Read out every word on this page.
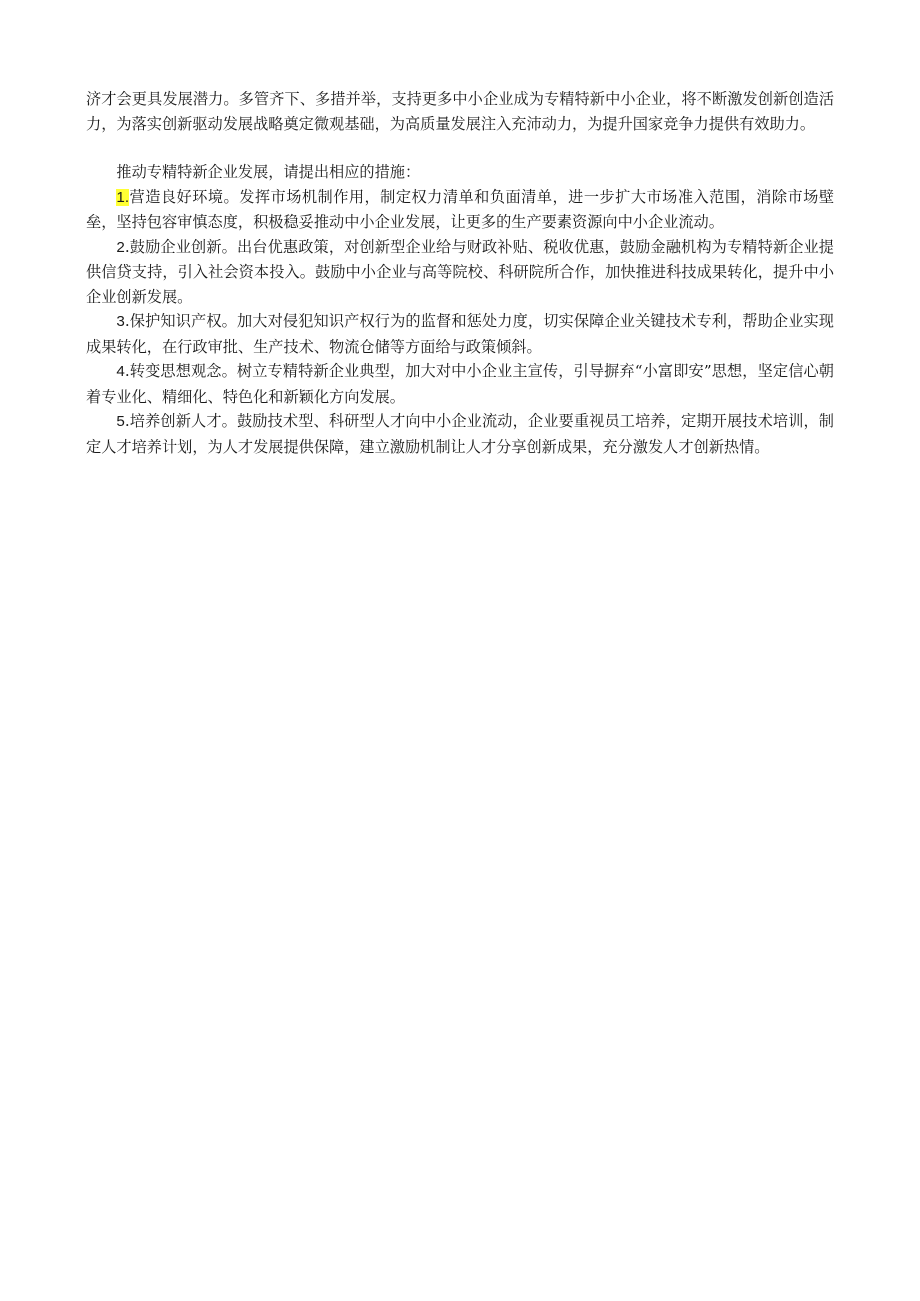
济才会更具发展潜力。多管齐下、多措并举，支持更多中小企业成为专精特新中小企业，将不断激发创新创造活力，为落实创新驱动发展战略奠定微观基础，为高质量发展注入充沛动力，为提升国家竞争力提供有效助力。

推动专精特新企业发展，请提出相应的措施：

1.营造良好环境。发挥市场机制作用，制定权力清单和负面清单，进一步扩大市场准入范围，消除市场壁垒，坚持包容审慎态度，积极稳妥推动中小企业发展，让更多的生产要素资源向中小企业流动。

2.鼓励企业创新。出台优惠政策，对创新型企业给与财政补贴、税收优惠，鼓励金融机构为专精特新企业提供信贷支持，引入社会资本投入。鼓励中小企业与高等院校、科研院所合作，加快推进科技成果转化，提升中小企业创新发展。

3.保护知识产权。加大对侵犯知识产权行为的监督和惩处力度，切实保障企业关键技术专利，帮助企业实现成果转化，在行政审批、生产技术、物流仓储等方面给与政策倾斜。

4.转变思想观念。树立专精特新企业典型，加大对中小企业主宣传，引导摒弃“小富即安”思想，坚定信心朝着专业化、精细化、特色化和新颖化方向发展。

5.培养创新人才。鼓励技术型、科研型人才向中小企业流动，企业要重视员工培养，定期开展技术培训，制定人才培养计划，为人才发展提供保障，建立激励机制让人才分享创新成果，充分激发人才创新热情。
